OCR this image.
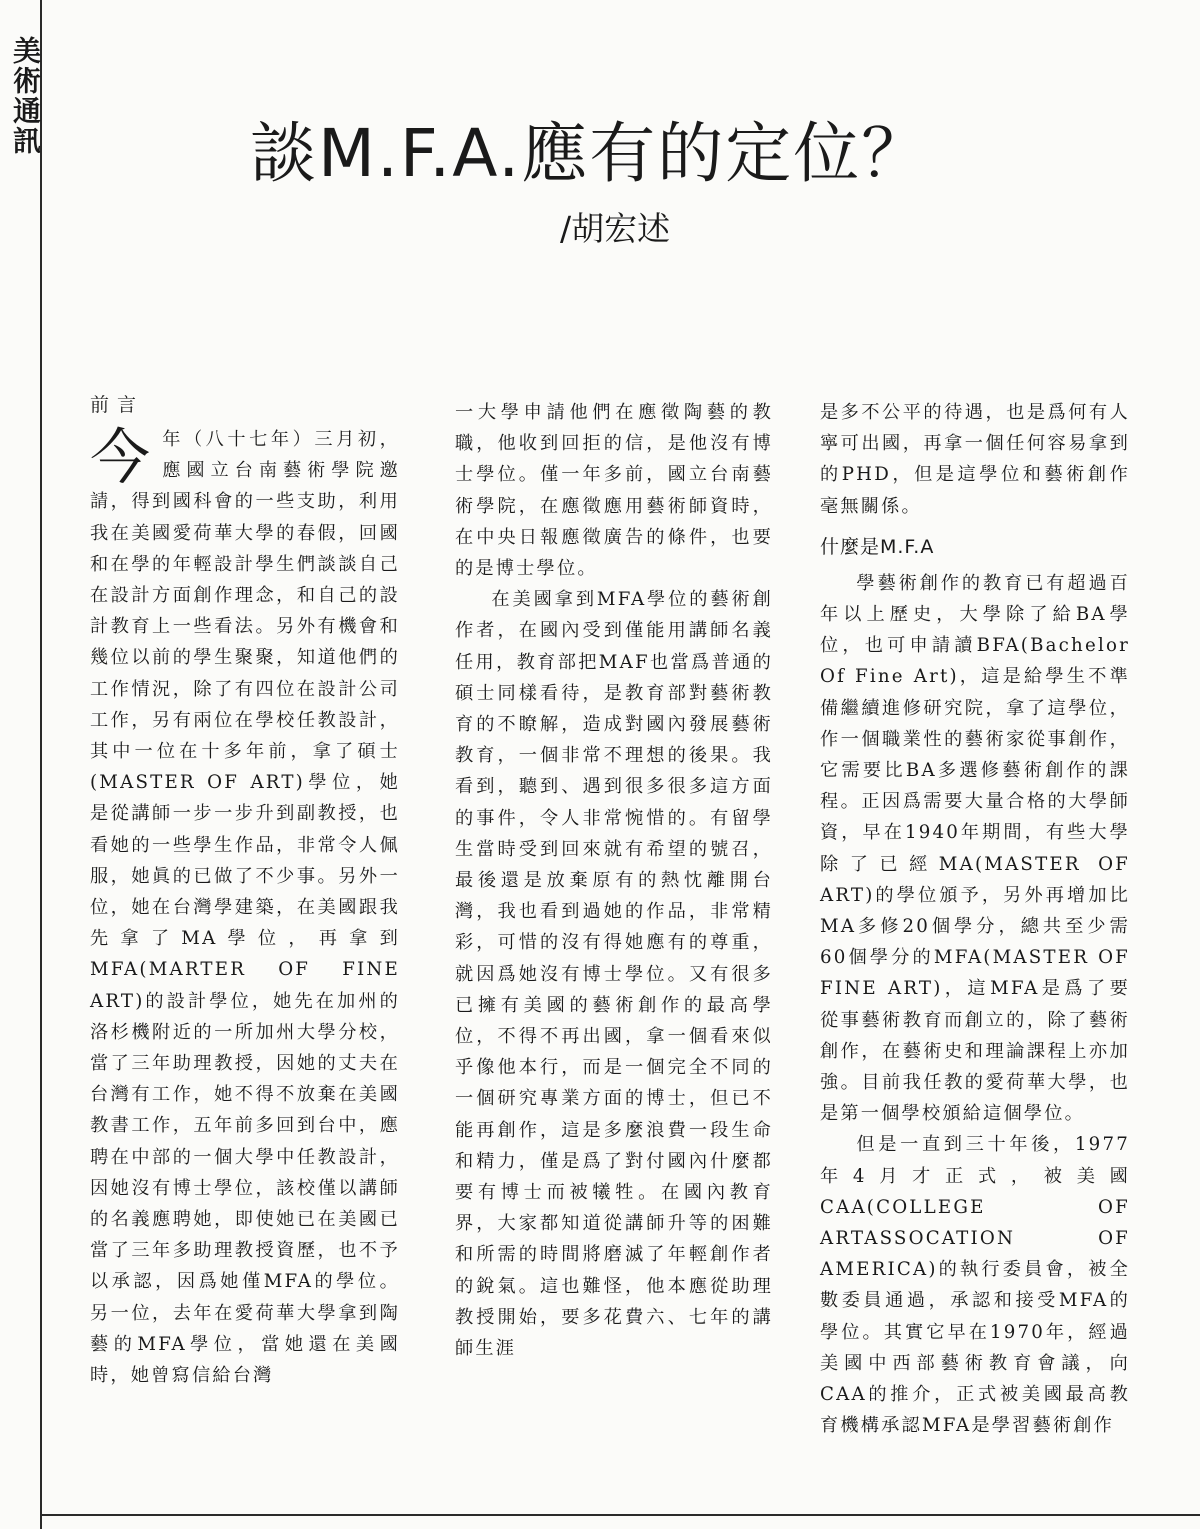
美術通訊	談M.F.A.應有的定位？
/胡宏述
前 言

今年（八十七年）三月初，應國立台南藝術學院邀請，得到國科會的一些支助，利用我在美國愛荷華大學的春假，回國和在學的年輕設計學生們談談自己在設計方面創作理念，和自己的設計教育上一些看法。另外有機會和幾位以前的學生聚聚，知道他們的工作情況，除了有四位在設計公司工作，另有兩位在學校任教設計，其中一位在十多年前，拿了碩士(MASTER OF ART)學位，她是從講師一步一步升到副教授，也看她的一些學生作品，非常令人佩服，她眞的已做了不少事。另外一位，她在台灣學建築，在美國跟我先拿了MA學位，再拿到MFA(MARTER OF FINE ART)的設計學位，她先在加州的洛杉機附近的一所加州大學分校，當了三年助理教授，因她的丈夫在台灣有工作，她不得不放棄在美國教書工作，五年前多回到台中，應聘在中部的一個大學中任教設計，因她沒有博士學位，該校僅以講師的名義應聘她，即使她已在美國已當了三年多助理教授資歷，也不予以承認，因爲她僅MFA的學位。另一位，去年在愛荷華大學拿到陶藝的MFA學位，當她還在美國時，她曾寫信給台灣

一大學申請他們在應徵陶藝的教職，他收到回拒的信，是他沒有博士學位。僅一年多前，國立台南藝術學院，在應徵應用藝術師資時，在中央日報應徵廣告的條件，也要的是博士學位。

在美國拿到MFA學位的藝術創作者，在國內受到僅能用講師名義任用，教育部把MAF也當爲普通的碩士同樣看待，是教育部對藝術教育的不瞭解，造成對國內發展藝術教育，一個非常不理想的後果。我看到，聽到、遇到很多很多這方面的事件，令人非常惋惜的。有留學生當時受到回來就有希望的號召，最後還是放棄原有的熱忱離開台灣，我也看到過她的作品，非常精彩，可惜的沒有得她應有的尊重，就因爲她沒有博士學位。又有很多已擁有美國的藝術創作的最高學位，不得不再出國，拿一個看來似乎像他本行，而是一個完全不同的一個研究專業方面的博士，但已不能再創作，這是多麼浪費一段生命和精力，僅是爲了對付國內什麼都要有博士而被犧牲。在國內教育界，大家都知道從講師升等的困難和所需的時間將磨滅了年輕創作者的銳氣。這也難怪，他本應從助理教授開始，要多花費六、七年的講師生涯

是多不公平的待遇，也是爲何有人寧可出國，再拿一個任何容易拿到的PHD，但是這學位和藝術創作毫無關係。

什麼是M.F.A

學藝術創作的教育已有超過百年以上歷史，大學除了給BA學位，也可申請讀BFA(Bachelor Of Fine Art)，這是給學生不準備繼續進修研究院，拿了這學位，作一個職業性的藝術家從事創作，它需要比BA多選修藝術創作的課程。正因爲需要大量合格的大學師資，早在1940年期間，有些大學除了已經MA(MASTER OF ART)的學位頒予，另外再增加比MA多修20個學分，總共至少需60個學分的MFA(MASTER OF FINE ART)，這MFA是爲了要從事藝術教育而創立的，除了藝術創作，在藝術史和理論課程上亦加強。目前我任教的愛荷華大學，也是第一個學校頒給這個學位。

但是一直到三十年後，1977年4月才正式，被美國CAA(COLLEGE OF ARTASSOCATION OF AMERICA)的執行委員會，被全數委員通過，承認和接受MFA的學位。其實它早在1970年，經過美國中西部藝術教育會議，向CAA的推介，正式被美國最高教育機構承認MFA是學習藝術創作
